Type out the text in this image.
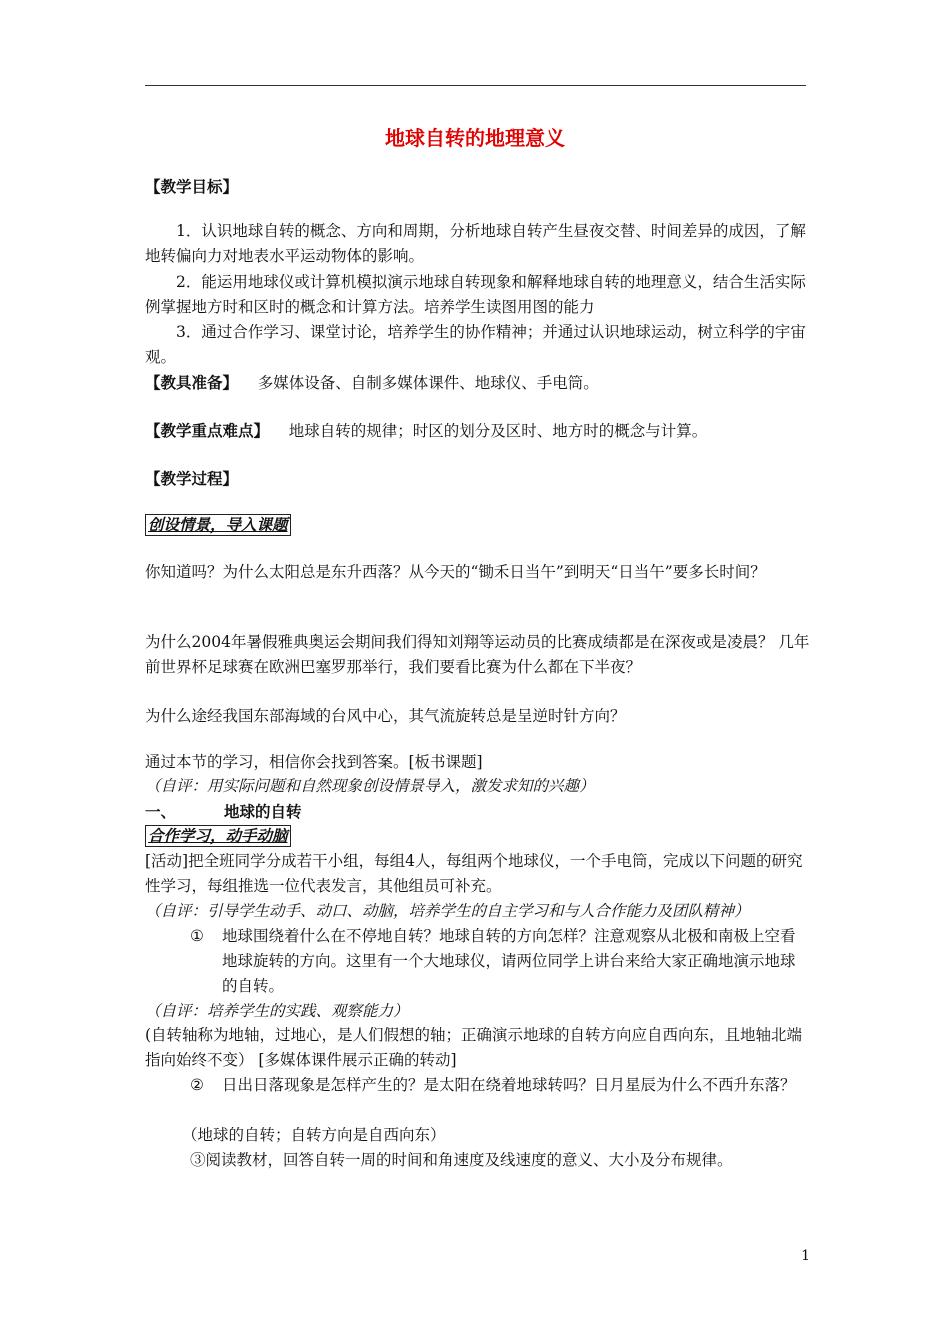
地球自转的地理意义

【教学目标】

1．认识地球自转的概念、方向和周期，分析地球自转产生昼夜交替、时间差异的成因，了解地转偏向力对地表水平运动物体的影响。

2．能运用地球仪或计算机模拟演示地球自转现象和解释地球自转的地理意义，结合生活实际例掌握地方时和区时的概念和计算方法。培养学生读图用图的能力

3．通过合作学习、课堂讨论，培养学生的协作精神；并通过认识地球运动，树立科学的宇宙观。

【教具准备】 多媒体设备、自制多媒体课件、地球仪、手电筒。

【教学重点难点】 地球自转的规律；时区的划分及区时、地方时的概念与计算。

【教学过程】

创设情景，导入课题

你知道吗？为什么太阳总是东升西落？从今天的“锄禾日当午”到明天“日当午”要多长时间？

为什么2004年暑假雅典奥运会期间我们得知刘翔等运动员的比赛成绩都是在深夜或是凌晨？ 几年前世界杯足球赛在欧洲巴塞罗那举行，我们要看比赛为什么都在下半夜？

为什么途经我国东部海域的台风中心，其气流旋转总是呈逆时针方向？

通过本节的学习，相信你会找到答案。[板书课题]

（自评：用实际问题和自然现象创设情景导入，激发求知的兴趣）

一、	地球的自转

合作学习，动手动脑

[活动]把全班同学分成若干小组，每组4人，每组两个地球仪，一个手电筒，完成以下问题的研究性学习，每组推选一位代表发言，其他组员可补充。

（自评：引导学生动手、动口、动脑，培养学生的自主学习和与人合作能力及团队精神）

① 地球围绕着什么在不停地自转？地球自转的方向怎样？注意观察从北极和南极上空看地球旋转的方向。这里有一个大地球仪，请两位同学上讲台来给大家正确地演示地球的自转。

（自评：培养学生的实践、观察能力）

(自转轴称为地轴，过地心，是人们假想的轴；正确演示地球的自转方向应自西向东，且地轴北端指向始终不变） [多媒体课件展示正确的转动]

② 日出日落现象是怎样产生的？是太阳在绕着地球转吗？日月星辰为什么不西升东落？

（地球的自转；自转方向是自西向东）

③阅读教材，回答自转一周的时间和角速度及线速度的意义、大小及分布规律。

1
